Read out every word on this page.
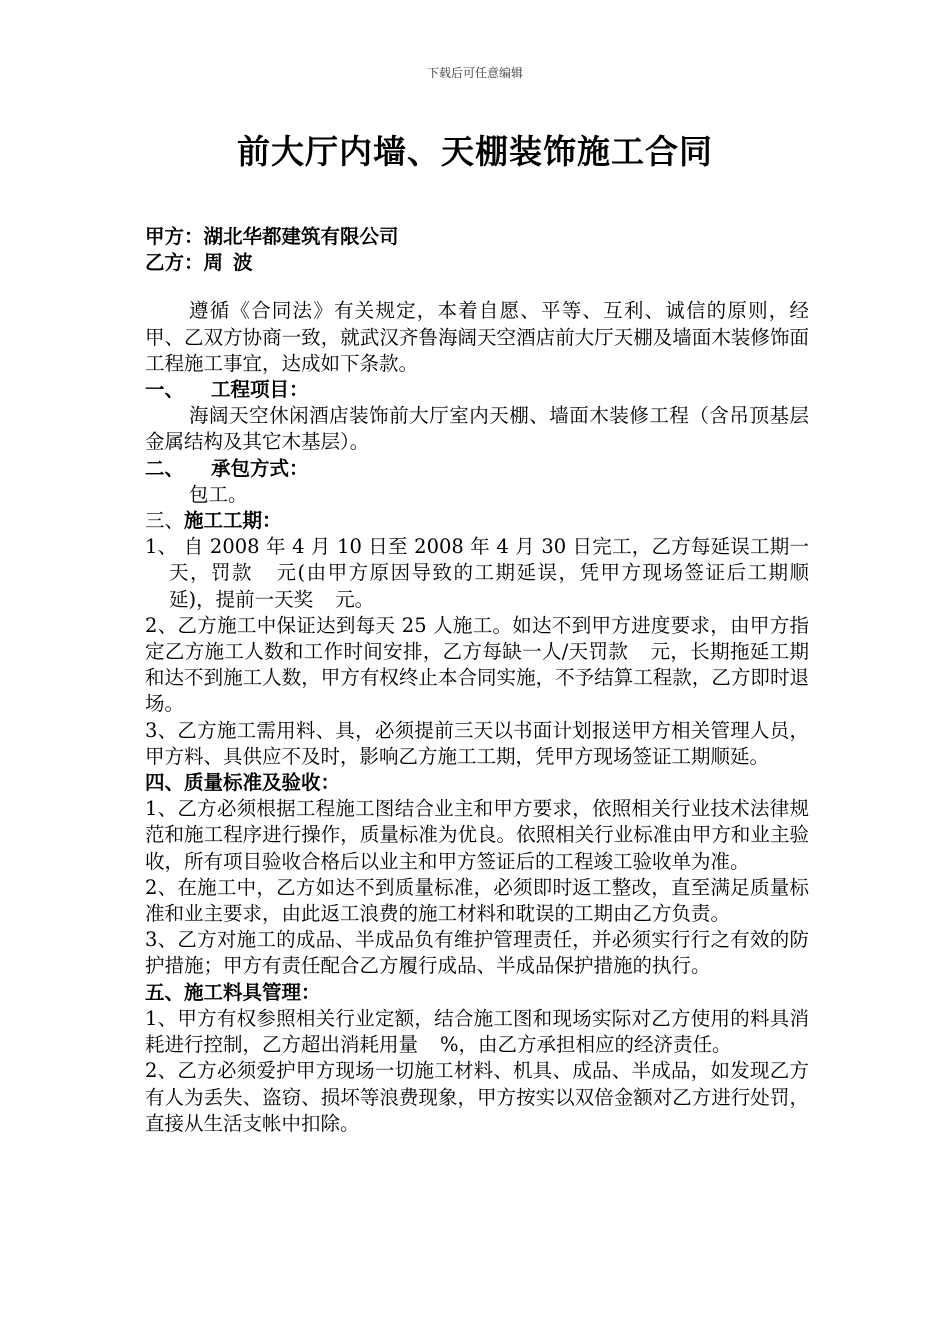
下载后可任意编辑
前大厅内墙、天棚装饰施工合同

甲方：湖北华都建筑有限公司

乙方：周 波

遵循《合同法》有关规定，本着自愿、平等、互利、诚信的原则，经甲、乙双方协商一致，就武汉齐鲁海阔天空酒店前大厅天棚及墙面木装修饰面工程施工事宜，达成如下条款。

一、 工程项目：

海阔天空休闲酒店装饰前大厅室内天棚、墙面木装修工程（含吊顶基层金属结构及其它木基层）。

二、 承包方式：

包工。

三、施工工期：

1、 自 2008 年 4 月 10 日至 2008 年 4 月 30 日完工，乙方每延误工期一天，罚款 元(由甲方原因导致的工期延误，凭甲方现场签证后工期顺延)，提前一天奖 元。

2、乙方施工中保证达到每天 25 人施工。如达不到甲方进度要求，由甲方指定乙方施工人数和工作时间安排，乙方每缺一人/天罚款 元，长期拖延工期和达不到施工人数，甲方有权终止本合同实施，不予结算工程款，乙方即时退场。

3、乙方施工需用料、具，必须提前三天以书面计划报送甲方相关管理人员，甲方料、具供应不及时，影响乙方施工工期，凭甲方现场签证工期顺延。

四、质量标准及验收：

1、乙方必须根据工程施工图结合业主和甲方要求，依照相关行业技术法律规范和施工程序进行操作，质量标准为优良。依照相关行业标准由甲方和业主验收，所有项目验收合格后以业主和甲方签证后的工程竣工验收单为准。

2、在施工中，乙方如达不到质量标准，必须即时返工整改，直至满足质量标准和业主要求，由此返工浪费的施工材料和耽误的工期由乙方负责。

3、乙方对施工的成品、半成品负有维护管理责任，并必须实行行之有效的防护措施；甲方有责任配合乙方履行成品、半成品保护措施的执行。

五、施工料具管理：

1、甲方有权参照相关行业定额，结合施工图和现场实际对乙方使用的料具消耗进行控制，乙方超出消耗用量 %，由乙方承担相应的经济责任。

2、乙方必须爱护甲方现场一切施工材料、机具、成品、半成品，如发现乙方有人为丢失、盗窃、损坏等浪费现象，甲方按实以双倍金额对乙方进行处罚，直接从生活支帐中扣除。
